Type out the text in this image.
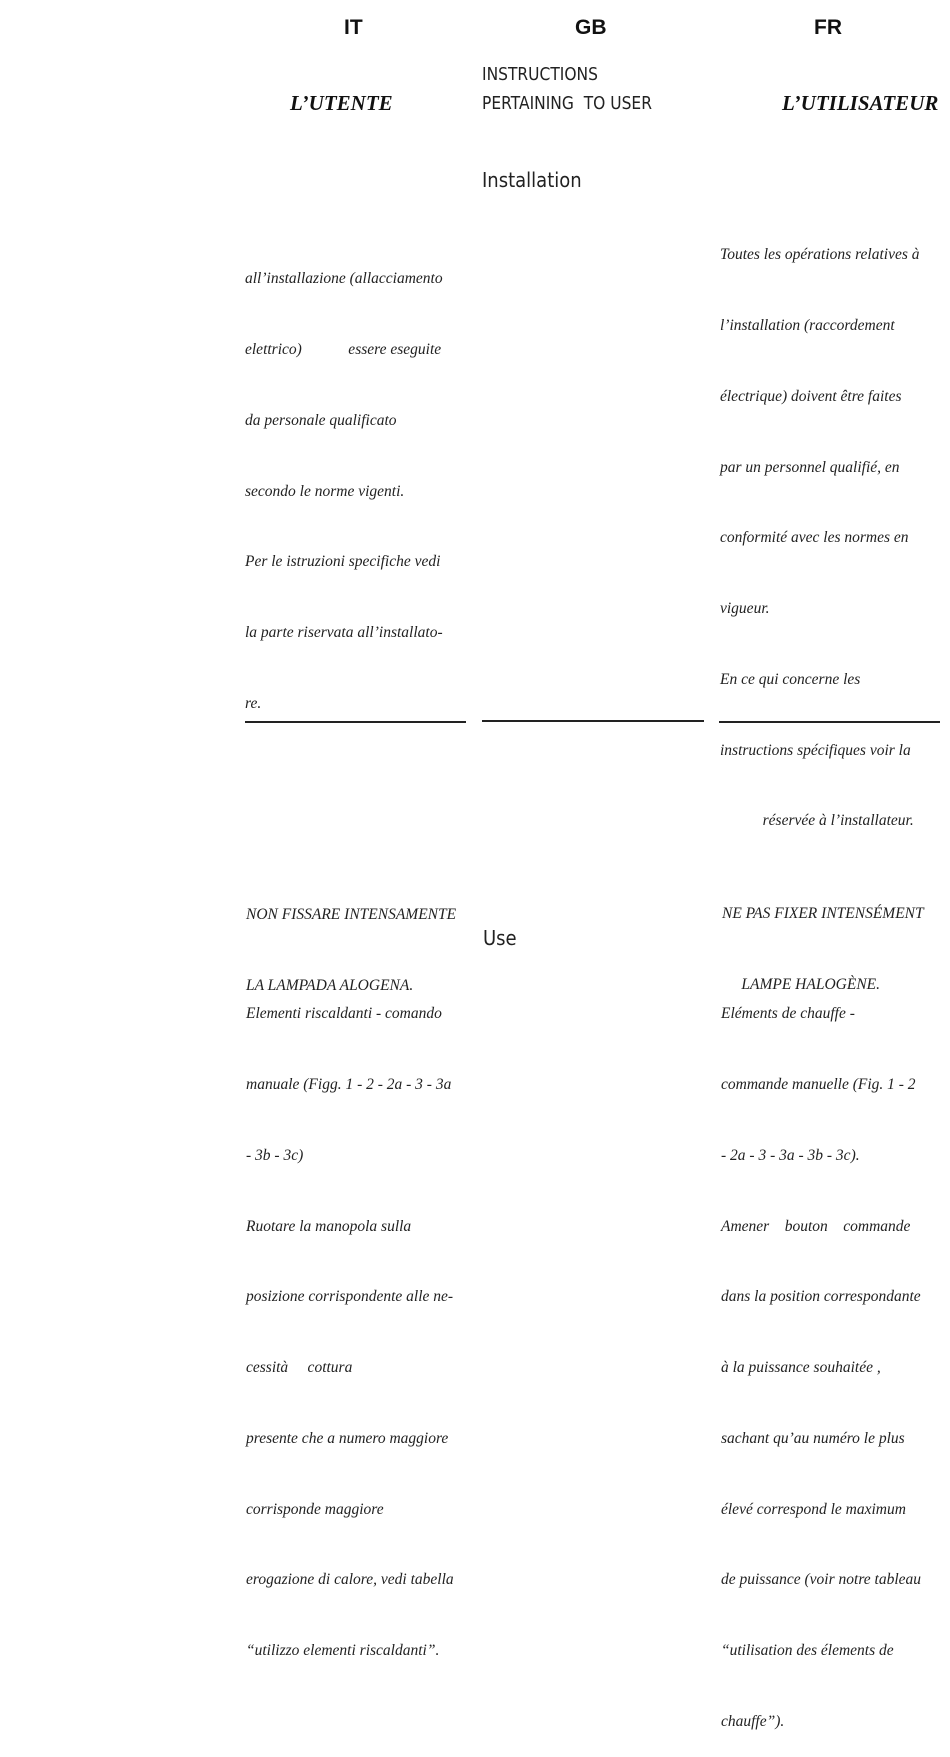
IT	GB	FR
L’UTENTE
INSTRUCTIONS
PERTAINING  TO USER	L’UTILISATEUR
Installation

all’installazione (allacciamento

elettrico)            essere eseguite

da personale qualificato

secondo le norme vigenti.

Per le istruzioni specifiche vedi

la parte riservata all’installato-

re.

Toutes les opérations relatives à

l’installation (raccordement

électrique) doivent être faites

par un personnel qualifié, en

conformité avec les normes en

vigueur.

En ce qui concerne les

instructions spécifiques voir la

réservée à l’installateur.

NON FISSARE INTENSAMENTE

LA LAMPADA ALOGENA.

NE PAS FIXER INTENSÉMENT

LAMPE HALOGÈNE.

Use

Elementi riscaldanti - comando

manuale (Figg. 1 - 2 - 2a - 3 - 3a

- 3b - 3c)

Ruotare la manopola sulla

posizione corrispondente alle ne-

cessità     cottura

presente che a numero maggiore

corrisponde maggiore

erogazione di calore, vedi tabella

“utilizzo elementi riscaldanti”.

Eléments de chauffe -

commande manuelle (Fig. 1 - 2

- 2a - 3 - 3a - 3b - 3c).

Amener    bouton    commande

dans la position correspondante

à la puissance souhaitée ,

sachant qu’au numéro le plus

élevé correspond le maximum

de puissance (voir notre tableau

“utilisation des élements de

chauffe”).
